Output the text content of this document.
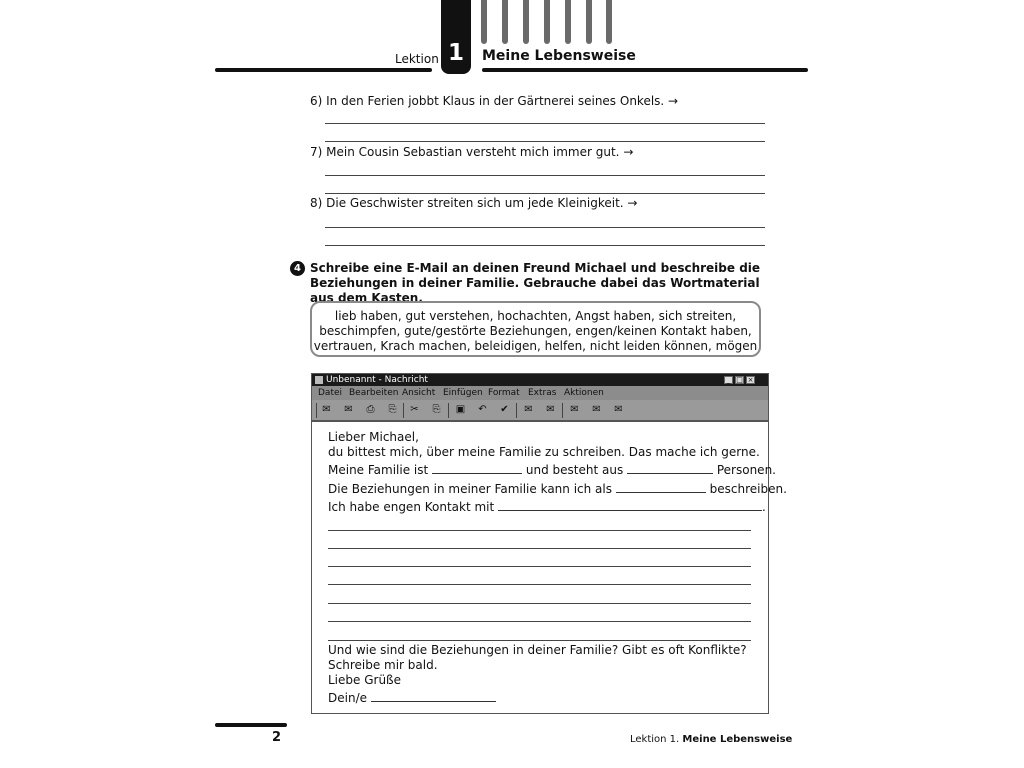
Lektion 1	Meine Lebensweise
6) In den Ferien jobbt Klaus in der Gärtnerei seines Onkels. →
7) Mein Cousin Sebastian versteht mich immer gut. →
8) Die Geschwister streiten sich um jede Kleinigkeit. →
4 Schreibe eine E-Mail an deinen Freund Michael und beschreibe die Beziehungen in deiner Familie. Gebrauche dabei das Wortmaterial aus dem Kasten.
lieb haben, gut verstehen, hochachten, Angst haben, sich streiten,
beschimpfen, gute/gestörte Beziehungen, engen/keinen Kontakt haben,
vertrauen, Krach machen, beleidigen, helfen, nicht leiden können, mögen
Unbenannt - Nachricht	_ □ ×
Datei Bearbeiten Ansicht Einfügen Format Extras Aktionen
✉ ✉ ⎙ ⎘ ✂ ⎘ ▣ ↶ ✔ ✉ ✉ ✉ ✉ ✉
Lieber Michael,
du bittest mich, über meine Familie zu schreiben. Das mache ich gerne.
Meine Familie ist	und besteht aus	Personen.
Die Beziehungen in meiner Familie kann ich als	beschreiben.
Ich habe engen Kontakt mit	.
Und wie sind die Beziehungen in deiner Familie? Gibt es oft Konflikte?
Schreibe mir bald.
Liebe Grüße
Dein/e
2	Lektion 1. Meine Lebensweise
